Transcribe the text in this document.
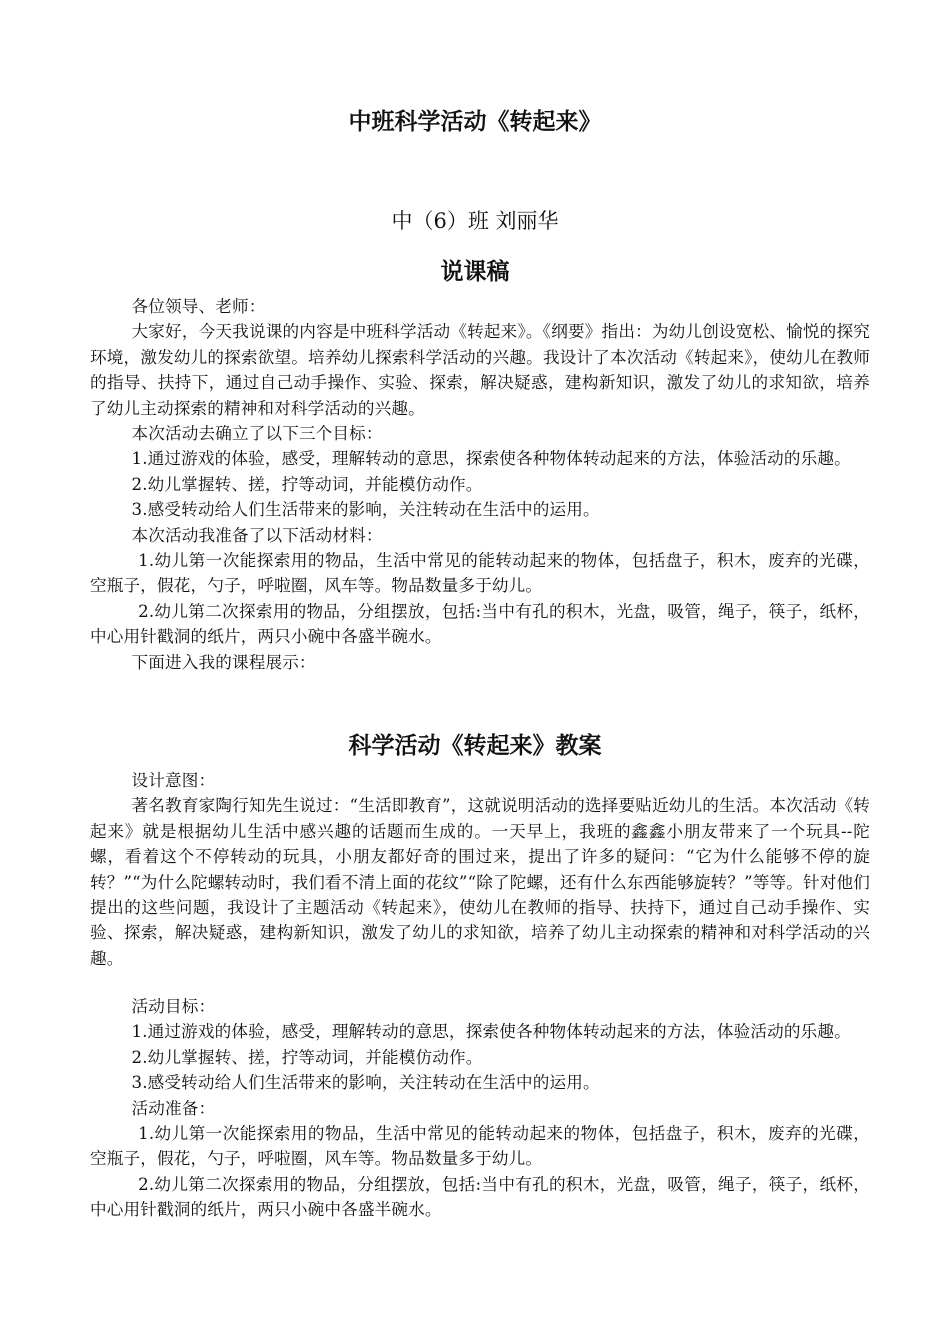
中班科学活动《转起来》

中（6）班 刘丽华

说课稿

各位领导、老师：

大家好，今天我说课的内容是中班科学活动《转起来》。《纲要》指出：为幼儿创设宽松、愉悦的探究环境，激发幼儿的探索欲望。培养幼儿探索科学活动的兴趣。我设计了本次活动《转起来》，使幼儿在教师的指导、扶持下，通过自己动手操作、实验、探索，解决疑惑，建构新知识，激发了幼儿的求知欲，培养了幼儿主动探索的精神和对科学活动的兴趣。

本次活动去确立了以下三个目标：

1.通过游戏的体验，感受，理解转动的意思，探索使各种物体转动起来的方法，体验活动的乐趣。

2.幼儿掌握转、搓，拧等动词，并能模仿动作。

3.感受转动给人们生活带来的影响，关注转动在生活中的运用。

本次活动我准备了以下活动材料：

1.幼儿第一次能探索用的物品，生活中常见的能转动起来的物体，包括盘子，积木，废弃的光碟，空瓶子，假花，勺子，呼啦圈，风车等。物品数量多于幼儿。

2.幼儿第二次探索用的物品，分组摆放，包括:当中有孔的积木，光盘，吸管，绳子，筷子，纸杯，中心用针戳洞的纸片，两只小碗中各盛半碗水。

下面进入我的课程展示：

科学活动《转起来》教案

设计意图：

著名教育家陶行知先生说过：“生活即教育”，这就说明活动的选择要贴近幼儿的生活。本次活动《转起来》就是根据幼儿生活中感兴趣的话题而生成的。一天早上，我班的鑫鑫小朋友带来了一个玩具--陀螺，看着这个不停转动的玩具，小朋友都好奇的围过来，提出了许多的疑问：“它为什么能够不停的旋转？”“为什么陀螺转动时，我们看不清上面的花纹”“除了陀螺，还有什么东西能够旋转？”等等。针对他们提出的这些问题，我设计了主题活动《转起来》，使幼儿在教师的指导、扶持下，通过自己动手操作、实验、探索，解决疑惑，建构新知识，激发了幼儿的求知欲，培养了幼儿主动探索的精神和对科学活动的兴趣。

活动目标：

1.通过游戏的体验，感受，理解转动的意思，探索使各种物体转动起来的方法，体验活动的乐趣。

2.幼儿掌握转、搓，拧等动词，并能模仿动作。

3.感受转动给人们生活带来的影响，关注转动在生活中的运用。

活动准备：

1.幼儿第一次能探索用的物品，生活中常见的能转动起来的物体，包括盘子，积木，废弃的光碟，空瓶子，假花，勺子，呼啦圈，风车等。物品数量多于幼儿。

2.幼儿第二次探索用的物品，分组摆放，包括:当中有孔的积木，光盘，吸管，绳子，筷子，纸杯，中心用针戳洞的纸片，两只小碗中各盛半碗水。
